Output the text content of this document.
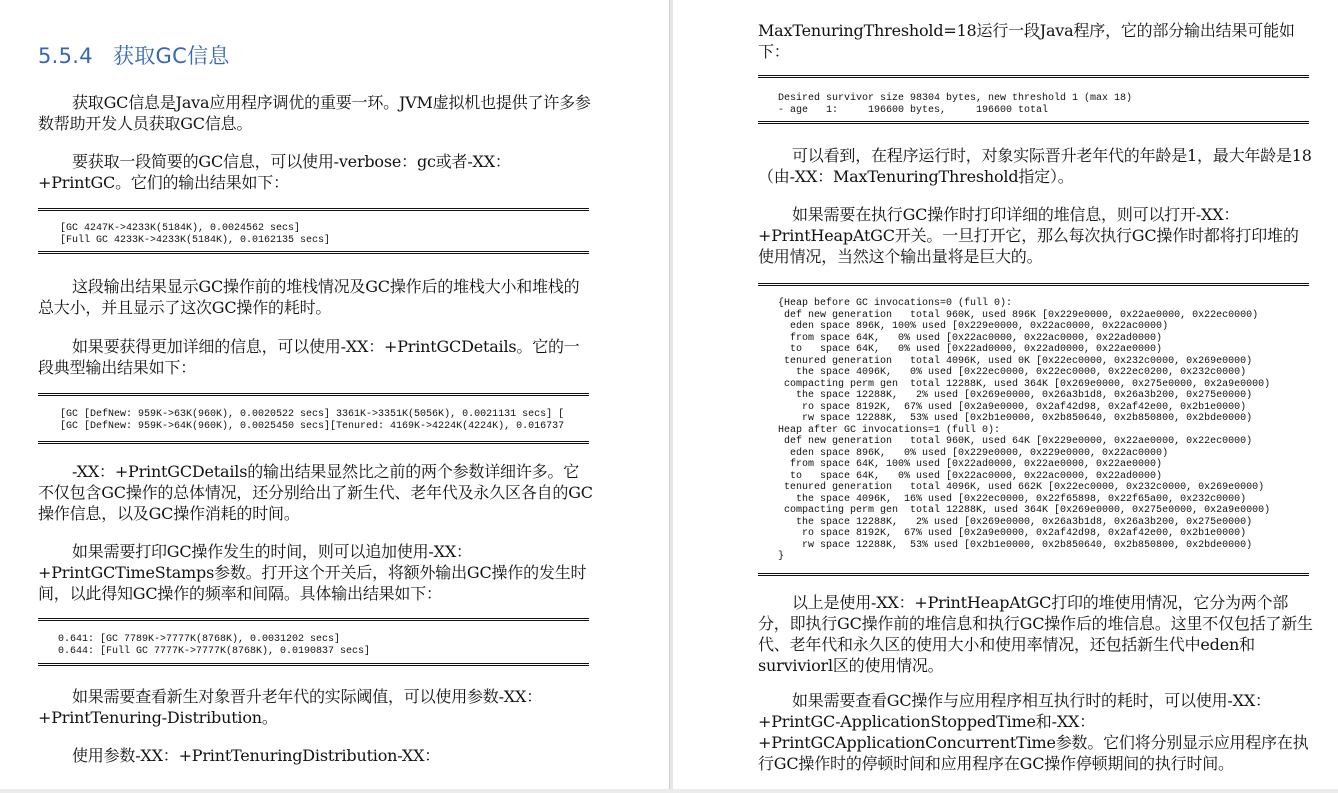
5.5.4 获取GC信息

获取GC信息是Java应用程序调优的重要一环。JVM虚拟机也提供了许多参数帮助开发人员获取GC信息。

要获取一段简要的GC信息，可以使用-verbose：gc或者-XX：+PrintGC。它们的输出结果如下：

[GC 4247K->4233K(5184K), 0.0024562 secs]
[Full GC 4233K->4233K(5184K), 0.0162135 secs]

这段输出结果显示GC操作前的堆栈情况及GC操作后的堆栈大小和堆栈的总大小，并且显示了这次GC操作的耗时。

如果要获得更加详细的信息，可以使用-XX：+PrintGCDetails。它的一段典型输出结果如下：

[GC [DefNew: 959K->63K(960K), 0.0020522 secs] 3361K->3351K(5056K), 0.0021131 secs] [
[GC [DefNew: 959K->64K(960K), 0.0025450 secs][Tenured: 4169K->4224K(4224K), 0.016737

-XX：+PrintGCDetails的输出结果显然比之前的两个参数详细许多。它不仅包含GC操作的总体情况，还分别给出了新生代、老年代及永久区各自的GC操作信息，以及GC操作消耗的时间。

如果需要打印GC操作发生的时间，则可以追加使用-XX：+PrintGCTimeStamps参数。打开这个开关后，将额外输出GC操作的发生时间，以此得知GC操作的频率和间隔。具体输出结果如下：

0.641: [GC 7789K->7777K(8768K), 0.0031202 secs]
0.644: [Full GC 7777K->7777K(8768K), 0.0190837 secs]

如果需要查看新生对象晋升老年代的实际阈值，可以使用参数-XX：+PrintTenuring-Distribution。

使用参数-XX：+PrintTenuringDistribution-XX：

MaxTenuringThreshold=18运行一段Java程序，它的部分输出结果可能如下：

Desired survivor size 98304 bytes, new threshold 1 (max 18)
- age   1:     196600 bytes,     196600 total

可以看到，在程序运行时，对象实际晋升老年代的年龄是1，最大年龄是18（由-XX：MaxTenuringThreshold指定）。

如果需要在执行GC操作时打印详细的堆信息，则可以打开-XX：+PrintHeapAtGC开关。一旦打开它，那么每次执行GC操作时都将打印堆的使用情况，当然这个输出量将是巨大的。

{Heap before GC invocations=0 (full 0):
def new generation   total 960K, used 896K [0x229e0000, 0x22ae0000, 0x22ec0000)
eden space 896K, 100% used [0x229e0000, 0x22ac0000, 0x22ac0000)
from space 64K,   0% used [0x22ac0000, 0x22ac0000, 0x22ad0000)
to   space 64K,   0% used [0x22ad0000, 0x22ad0000, 0x22ae0000)
tenured generation   total 4096K, used 0K [0x22ec0000, 0x232c0000, 0x269e0000)
the space 4096K,   0% used [0x22ec0000, 0x22ec0000, 0x22ec0200, 0x232c0000)
compacting perm gen  total 12288K, used 364K [0x269e0000, 0x275e0000, 0x2a9e0000)
the space 12288K,   2% used [0x269e0000, 0x26a3b1d8, 0x26a3b200, 0x275e0000)
ro space 8192K,  67% used [0x2a9e0000, 0x2af42d98, 0x2af42e00, 0x2b1e0000)
rw space 12288K,  53% used [0x2b1e0000, 0x2b850640, 0x2b850800, 0x2bde0000)
Heap after GC invocations=1 (full 0):
def new generation   total 960K, used 64K [0x229e0000, 0x22ae0000, 0x22ec0000)
eden space 896K,   0% used [0x229e0000, 0x229e0000, 0x22ac0000)
from space 64K, 100% used [0x22ad0000, 0x22ae0000, 0x22ae0000)
to   space 64K,   0% used [0x22ac0000, 0x22ac0000, 0x22ad0000)
tenured generation   total 4096K, used 662K [0x22ec0000, 0x232c0000, 0x269e0000)
the space 4096K,  16% used [0x22ec0000, 0x22f65898, 0x22f65a00, 0x232c0000)
compacting perm gen  total 12288K, used 364K [0x269e0000, 0x275e0000, 0x2a9e0000)
the space 12288K,   2% used [0x269e0000, 0x26a3b1d8, 0x26a3b200, 0x275e0000)
ro space 8192K,  67% used [0x2a9e0000, 0x2af42d98, 0x2af42e00, 0x2b1e0000)
rw space 12288K,  53% used [0x2b1e0000, 0x2b850640, 0x2b850800, 0x2bde0000)
}

以上是使用-XX：+PrintHeapAtGC打印的堆使用情况，它分为两个部分，即执行GC操作前的堆信息和执行GC操作后的堆信息。这里不仅包括了新生代、老年代和永久区的使用大小和使用率情况，还包括新生代中eden和surviviorl区的使用情况。

如果需要查看GC操作与应用程序相互执行时的耗时，可以使用-XX：+PrintGC-ApplicationStoppedTime和-XX：+PrintGCApplicationConcurrentTime参数。它们将分别显示应用程序在执行GC操作时的停顿时间和应用程序在GC操作停顿期间的执行时间。
